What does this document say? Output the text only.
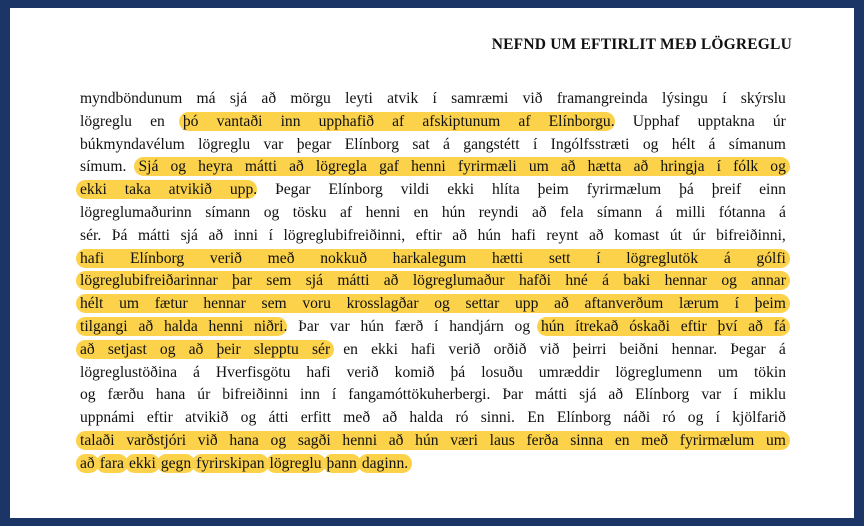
NEFND UM EFTIRLIT MEÐ LÖGREGLU
myndböndunum má sjá að mörgu leyti atvik í samræmi við framangreinda lýsingu í skýrslu
lögreglu en þó vantaði inn upphafið af afskiptunum af Elínborgu. Upphaf upptakna úr
búkmyndavélum lögreglu var þegar Elínborg sat á gangstétt í Ingólfsstræti og hélt á símanum
símum. Sjá og heyra mátti að lögregla gaf henni fyrirmæli um að hætta að hringja í fólk og
ekki taka atvikið upp. Þegar Elínborg vildi ekki hlíta þeim fyrirmælum þá þreif einn
lögreglumaðurinn símann og tösku af henni en hún reyndi að fela símann á milli fótanna á
sér. Þá mátti sjá að inni í lögreglubifreiðinni, eftir að hún hafi reynt að komast út úr bifreiðinni,
hafi Elínborg verið með nokkuð harkalegum hætti sett í lögreglutök á gólfi
lögreglubifreiðarinnar þar sem sjá mátti að lögreglumaður hafði hné á baki hennar og annar
hélt um fætur hennar sem voru krosslagðar og settar upp að aftanverðum lærum í þeim
tilgangi að halda henni niðri. Þar var hún færð í handjárn og hún ítrekað óskaði eftir því að fá
að setjast og að þeir slepptu sér en ekki hafi verið orðið við þeirri beiðni hennar. Þegar á
lögreglustöðina á Hverfisgötu hafi verið komið þá losuðu umræddir lögreglumenn um tökin
og færðu hana úr bifreiðinni inn í fangamóttökuherbergi. Þar mátti sjá að Elínborg var í miklu
uppnámi eftir atvikið og átti erfitt með að halda ró sinni. En Elínborg náði ró og í kjölfarið
talaði varðstjóri við hana og sagði henni að hún væri laus ferða sinna en með fyrirmælum um
að fara ekki gegn fyrirskipan lögreglu þann daginn.
